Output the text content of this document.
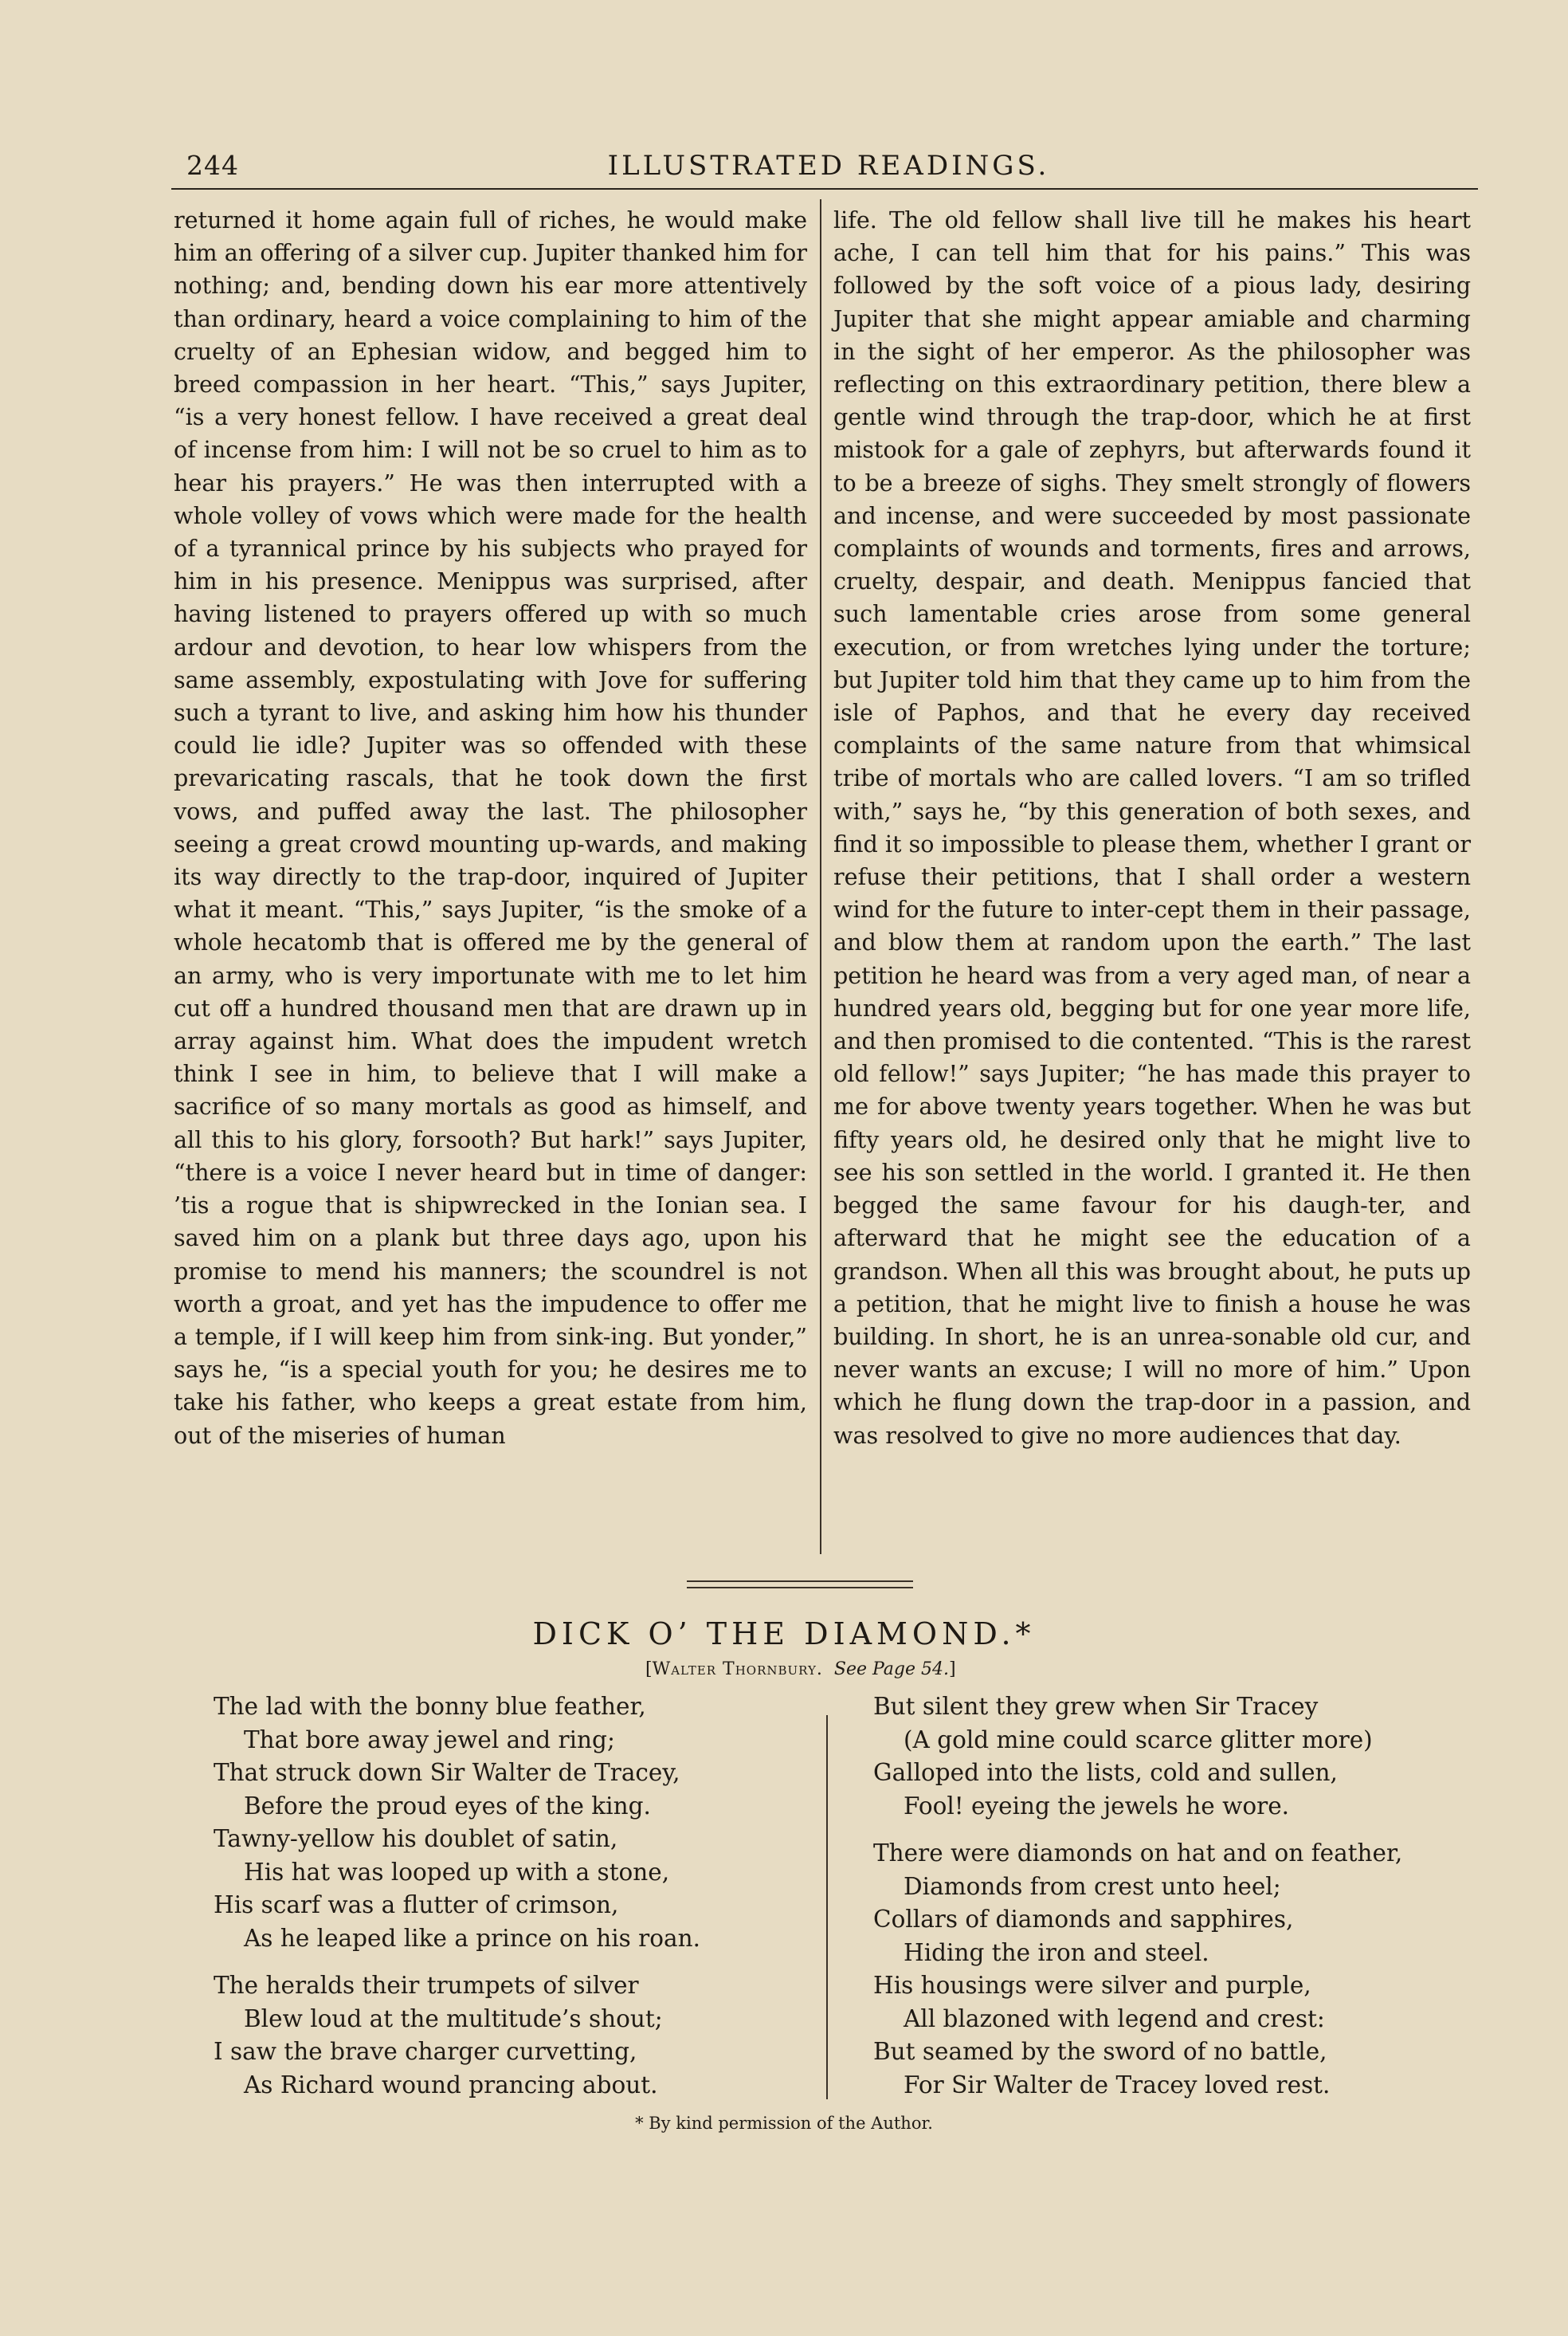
244	ILLUSTRATED READINGS.

returned it home again full of riches, he would make him an offering of a silver cup. Jupiter thanked him for nothing; and, bending down his ear more attentively than ordinary, heard a voice complaining to him of the cruelty of an Ephesian widow, and begged him to breed compassion in her heart. “This,” says Jupiter, “is a very honest fellow. I have received a great deal of incense from him: I will not be so cruel to him as to hear his prayers.” He was then interrupted with a whole volley of vows which were made for the health of a tyrannical prince by his subjects who prayed for him in his presence. Menippus was surprised, after having listened to prayers offered up with so much ardour and devotion, to hear low whispers from the same assembly, expostulating with Jove for suffering such a tyrant to live, and asking him how his thunder could lie idle? Jupiter was so offended with these prevaricating rascals, that he took down the first vows, and puffed away the last. The philosopher seeing a great crowd mounting up-wards, and making its way directly to the trap-door, inquired of Jupiter what it meant. “This,” says Jupiter, “is the smoke of a whole hecatomb that is offered me by the general of an army, who is very importunate with me to let him cut off a hundred thousand men that are drawn up in array against him. What does the impudent wretch think I see in him, to believe that I will make a sacrifice of so many mortals as good as himself, and all this to his glory, forsooth? But hark!” says Jupiter, “there is a voice I never heard but in time of danger: ’tis a rogue that is shipwrecked in the Ionian sea. I saved him on a plank but three days ago, upon his promise to mend his manners; the scoundrel is not worth a groat, and yet has the impudence to offer me a temple, if I will keep him from sink-ing. But yonder,” says he, “is a special youth for you; he desires me to take his father, who keeps a great estate from him, out of the miseries of human

life. The old fellow shall live till he makes his heart ache, I can tell him that for his pains.” This was followed by the soft voice of a pious lady, desiring Jupiter that she might appear amiable and charming in the sight of her emperor. As the philosopher was reflecting on this extraordinary petition, there blew a gentle wind through the trap-door, which he at first mistook for a gale of zephyrs, but afterwards found it to be a breeze of sighs. They smelt strongly of flowers and incense, and were succeeded by most passionate complaints of wounds and torments, fires and arrows, cruelty, despair, and death. Menippus fancied that such lamentable cries arose from some general execution, or from wretches lying under the torture; but Jupiter told him that they came up to him from the isle of Paphos, and that he every day received complaints of the same nature from that whimsical tribe of mortals who are called lovers. “I am so trifled with,” says he, “by this generation of both sexes, and find it so impossible to please them, whether I grant or refuse their petitions, that I shall order a western wind for the future to inter-cept them in their passage, and blow them at random upon the earth.” The last petition he heard was from a very aged man, of near a hundred years old, begging but for one year more life, and then promised to die contented. “This is the rarest old fellow!” says Jupiter; “he has made this prayer to me for above twenty years together. When he was but fifty years old, he desired only that he might live to see his son settled in the world. I granted it. He then begged the same favour for his daugh-ter, and afterward that he might see the education of a grandson. When all this was brought about, he puts up a petition, that he might live to finish a house he was building. In short, he is an unrea-sonable old cur, and never wants an excuse; I will no more of him.” Upon which he flung down the trap-door in a passion, and was resolved to give no more audiences that day.

DICK O’ THE DIAMOND.*
[Walter Thornbury. See Page 54.]
The lad with the bonny blue feather,
That bore away jewel and ring;
That struck down Sir Walter de Tracey,
Before the proud eyes of the king.
Tawny-yellow his doublet of satin,
His hat was looped up with a stone,
His scarf was a flutter of crimson,
As he leaped like a prince on his roan.
The heralds their trumpets of silver
Blew loud at the multitude’s shout;
I saw the brave charger curvetting,
As Richard wound prancing about.
But silent they grew when Sir Tracey
(A gold mine could scarce glitter more)
Galloped into the lists, cold and sullen,
Fool! eyeing the jewels he wore.
There were diamonds on hat and on feather,
Diamonds from crest unto heel;
Collars of diamonds and sapphires,
Hiding the iron and steel.
His housings were silver and purple,
All blazoned with legend and crest:
But seamed by the sword of no battle,
For Sir Walter de Tracey loved rest.
* By kind permission of the Author.
